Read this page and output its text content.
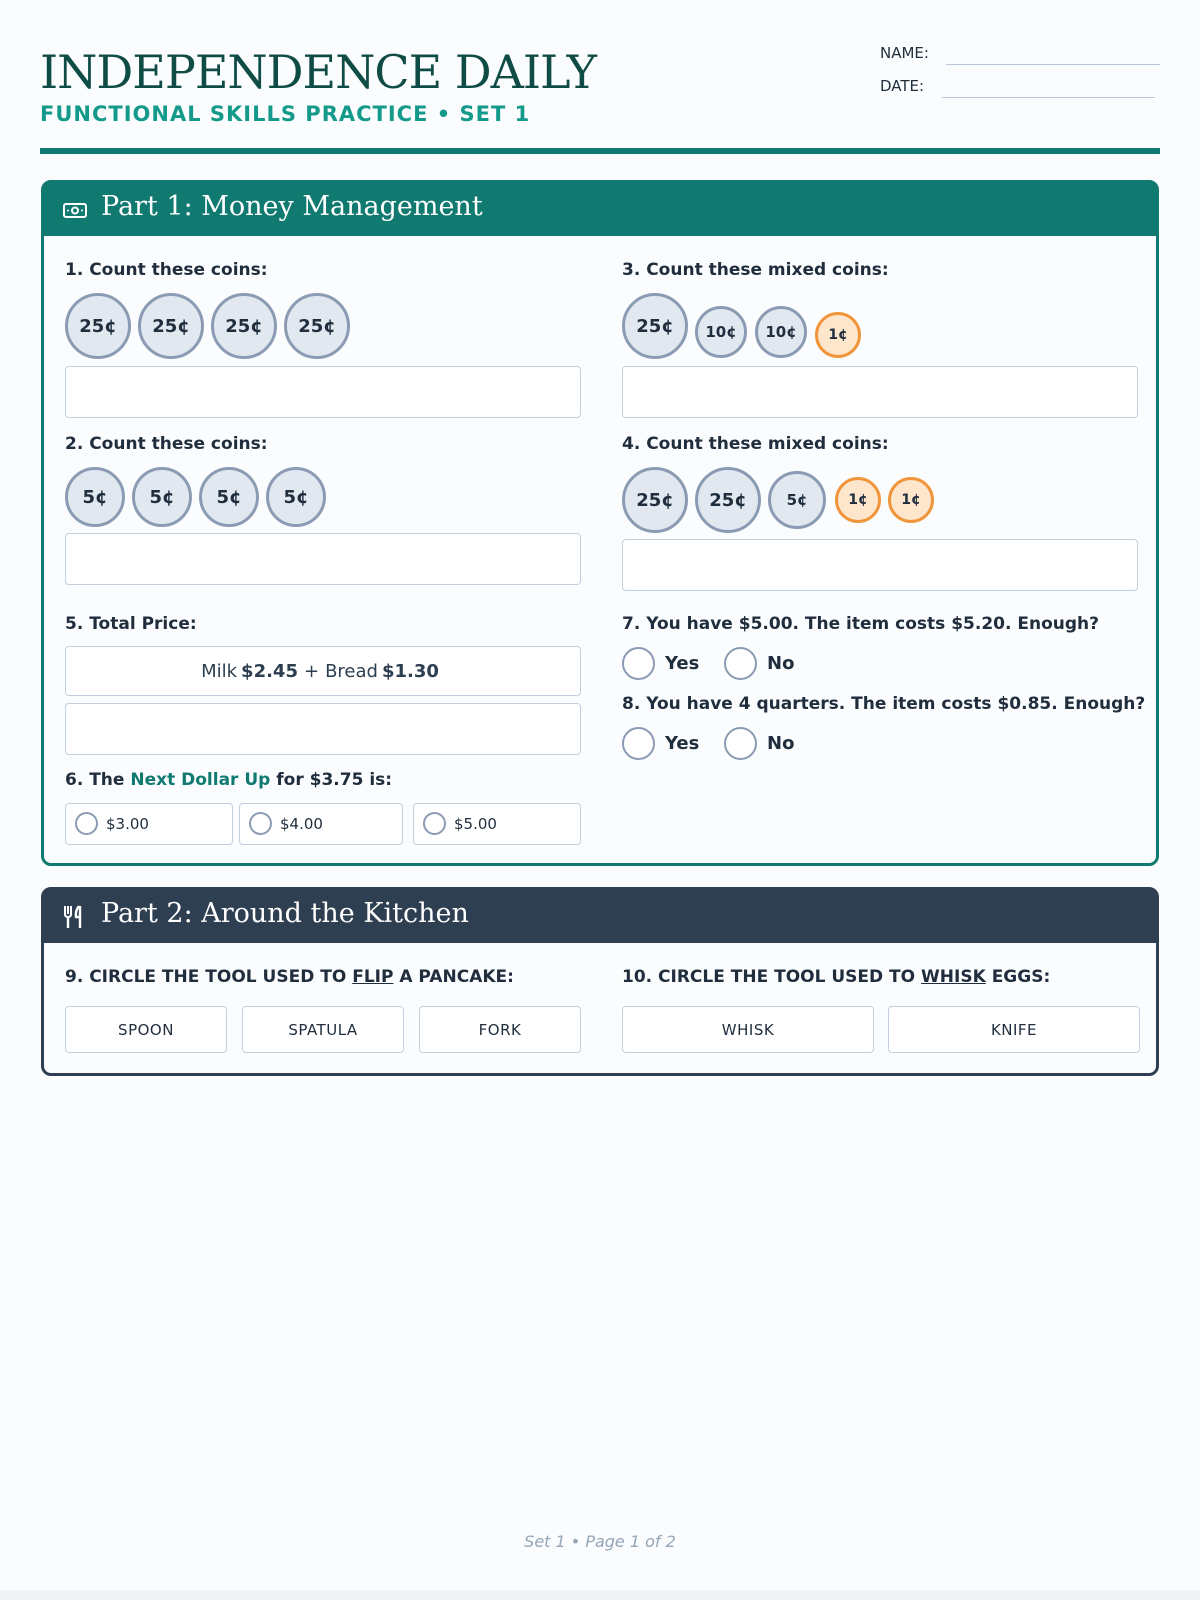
INDEPENDENCE DAILY
FUNCTIONAL SKILLS PRACTICE • SET 1
NAME:
DATE:
Part 1: Money Management
1. Count these coins:
25¢	25¢	25¢	25¢
2. Count these coins:
5¢	5¢	5¢	5¢
3. Count these mixed coins:
25¢	10¢	10¢	1¢
4. Count these mixed coins:
25¢	25¢	5¢	1¢	1¢
5. Total Price:
Milk $2.45 + Bread $1.30
6. The Next Dollar Up for $3.75 is:
$3.00	$4.00	$5.00
7. You have $5.00. The item costs $5.20. Enough?
Yes	No
8. You have 4 quarters. The item costs $0.85. Enough?
Yes	No
Part 2: Around the Kitchen
9. CIRCLE THE TOOL USED TO FLIP A PANCAKE:
SPOON	SPATULA	FORK
10. CIRCLE THE TOOL USED TO WHISK EGGS:
WHISK	KNIFE
Set 1 • Page 1 of 2
